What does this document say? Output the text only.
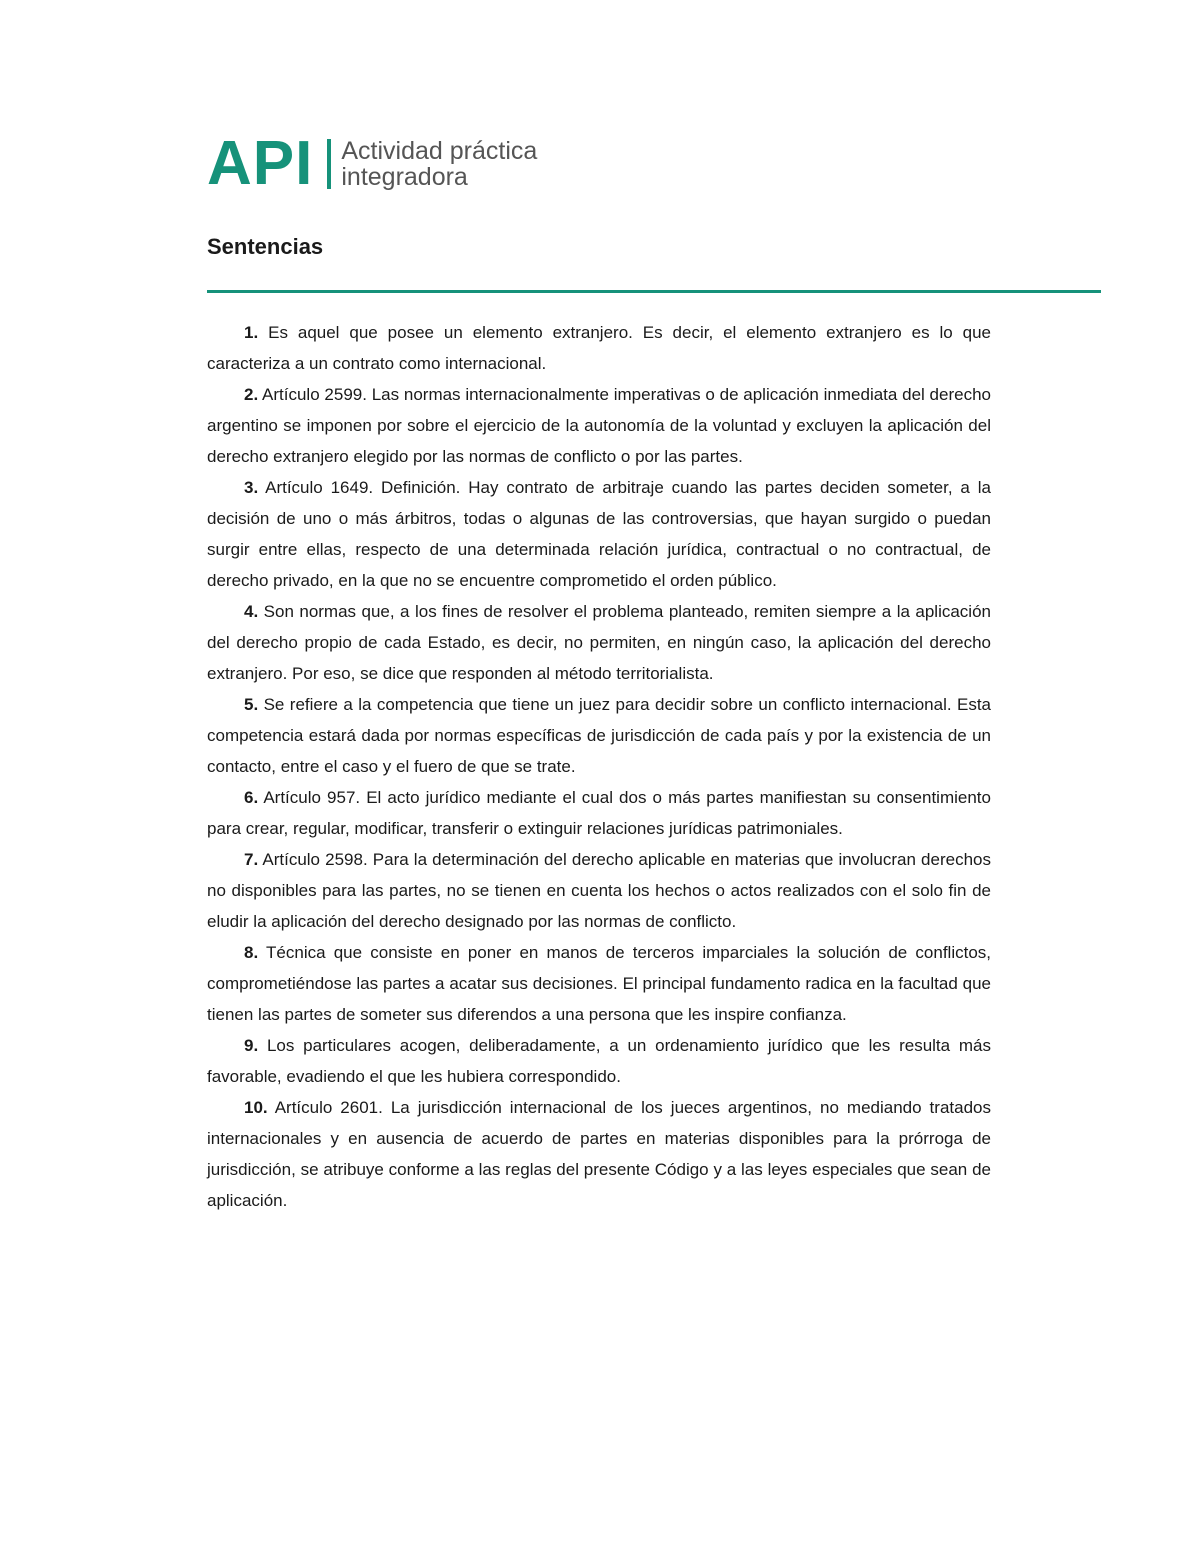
API Actividad práctica
integradora
Sentencias

1. Es aquel que posee un elemento extranjero. Es decir, el elemento extranjero es lo que caracteriza a un contrato como internacional.

2. Artículo 2599. Las normas internacionalmente imperativas o de aplicación inmediata del derecho argentino se imponen por sobre el ejercicio de la autonomía de la voluntad y excluyen la aplicación del derecho extranjero elegido por las normas de conflicto o por las partes.

3. Artículo 1649. Definición. Hay contrato de arbitraje cuando las partes deciden someter, a la decisión de uno o más árbitros, todas o algunas de las controversias, que hayan surgido o puedan surgir entre ellas, respecto de una determinada relación jurídica, contractual o no contractual, de derecho privado, en la que no se encuentre comprometido el orden público.

4. Son normas que, a los fines de resolver el problema planteado, remiten siempre a la aplicación del derecho propio de cada Estado, es decir, no permiten, en ningún caso, la aplicación del derecho extranjero. Por eso, se dice que responden al método territorialista.

5. Se refiere a la competencia que tiene un juez para decidir sobre un conflicto internacional. Esta competencia estará dada por normas específicas de jurisdicción de cada país y por la existencia de un contacto, entre el caso y el fuero de que se trate.

6. Artículo 957. El acto jurídico mediante el cual dos o más partes manifiestan su consentimiento para crear, regular, modificar, transferir o extinguir relaciones jurídicas patrimoniales.

7. Artículo 2598. Para la determinación del derecho aplicable en materias que involucran derechos no disponibles para las partes, no se tienen en cuenta los hechos o actos realizados con el solo fin de eludir la aplicación del derecho designado por las normas de conflicto.

8. Técnica que consiste en poner en manos de terceros imparciales la solución de conflictos, comprometiéndose las partes a acatar sus decisiones. El principal fundamento radica en la facultad que tienen las partes de someter sus diferendos a una persona que les inspire confianza.

9. Los particulares acogen, deliberadamente, a un ordenamiento jurídico que les resulta más favorable, evadiendo el que les hubiera correspondido.

10. Artículo 2601. La jurisdicción internacional de los jueces argentinos, no mediando tratados internacionales y en ausencia de acuerdo de partes en materias disponibles para la prórroga de jurisdicción, se atribuye conforme a las reglas del presente Código y a las leyes especiales que sean de aplicación.
